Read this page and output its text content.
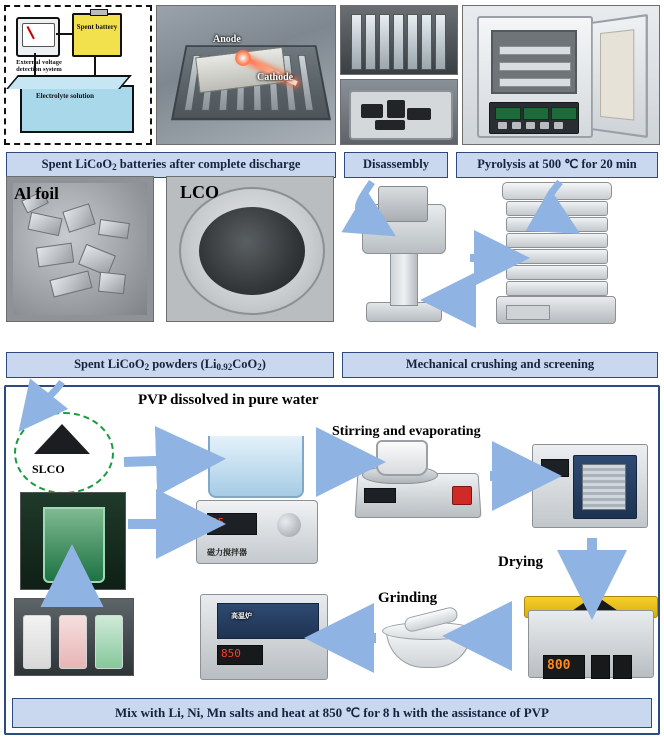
Spent battery
Electrolyte solution
External voltage detection system
Anode
Cathode
Spent LiCoO$_2$ batteries after complete discharge	Disassembly	Pyrolysis at 500 ℃ for 20 min
Al foil	LCO
Spent LiCoO$_2$ powders $(Li_{0.92}CoO_2)$	Mechanical crushing and screening
SLCO
PVP dissolved in pure water
Stirring and evaporating
Drying
Grinding
85
磁力搅拌器
800
高温炉
850
Mix with Li, Ni, Mn salts and heat at 850 ℃ for 8 h with the assistance of PVP
